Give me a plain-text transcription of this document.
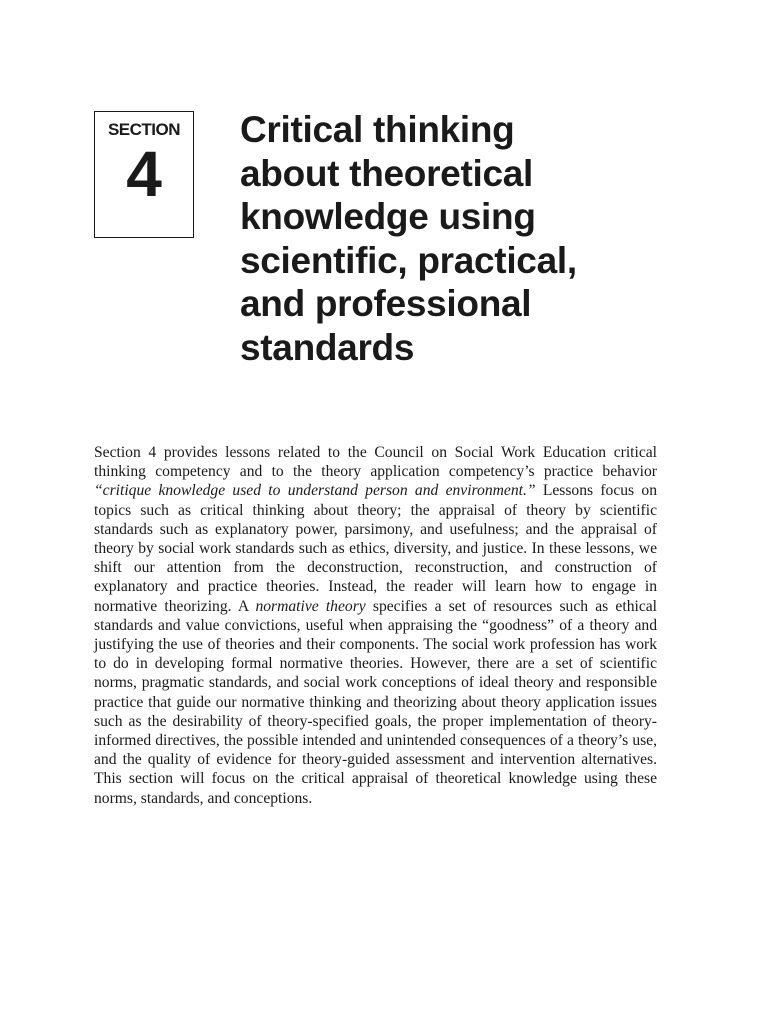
SECTION
4
Critical thinking
about theoretical
knowledge using
scientific, practical,
and professional
standards

Section 4 provides lessons related to the Council on Social Work Education critical thinking competency and to the theory application competency’s practice behavior “critique knowledge used to understand person and environment.” Lessons focus on topics such as critical thinking about theory; the appraisal of theory by scientific standards such as explanatory power, parsimony, and usefulness; and the appraisal of theory by social work standards such as ethics, diversity, and justice. In these lessons, we shift our attention from the deconstruction, reconstruction, and construction of explanatory and practice theories. Instead, the reader will learn how to engage in normative theorizing. A normative theory specifies a set of resources such as ethical standards and value convictions, useful when appraising the “goodness” of a theory and justifying the use of theories and their components. The social work profession has work to do in developing formal normative theories. However, there are a set of scientific norms, pragmatic standards, and social work conceptions of ideal theory and responsible practice that guide our normative thinking and theorizing about theory application issues such as the desirability of theory-specified goals, the proper implementation of theory-informed directives, the possible intended and unintended consequences of a theory’s use, and the quality of evidence for theory-guided assessment and intervention alternatives. This section will focus on the critical appraisal of theoretical knowledge using these norms, standards, and conceptions.
